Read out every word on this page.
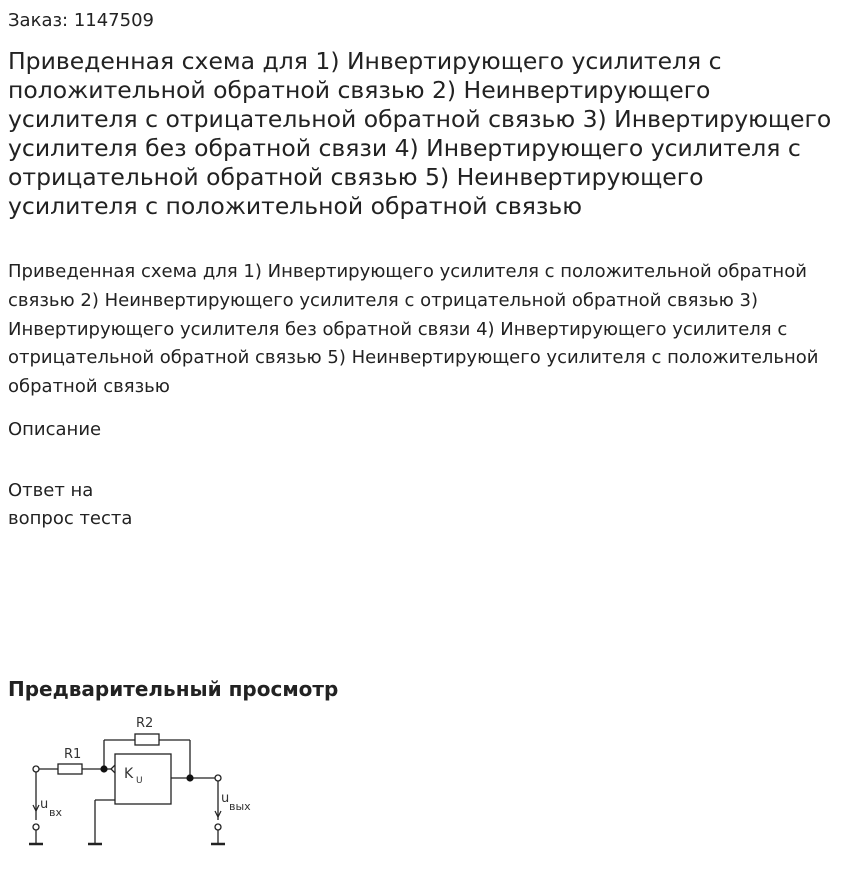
Заказ: 1147509
Приведенная схема для 1) Инвертирующего усилителя с положительной обратной связью 2) Неинвертирующего усилителя с отрицательной обратной связью 3) Инвертирующего усилителя без обратной связи 4) Инвертирующего усилителя с отрицательной обратной связью 5) Неинвертирующего усилителя с положительной обратной связью

Приведенная схема для 1) Инвертирующего усилителя с положительной обратной связью 2) Неинвертирующего усилителя с отрицательной обратной связью 3) Инвертирующего усилителя без обратной связи 4) Инвертирующего усилителя с отрицательной обратной связью 5) Неинвертирующего усилителя с положительной обратной связью

Описание
Ответ на
вопрос теста
Предварительный просмотр
R1
R2
K U
u
вх
u
вых
